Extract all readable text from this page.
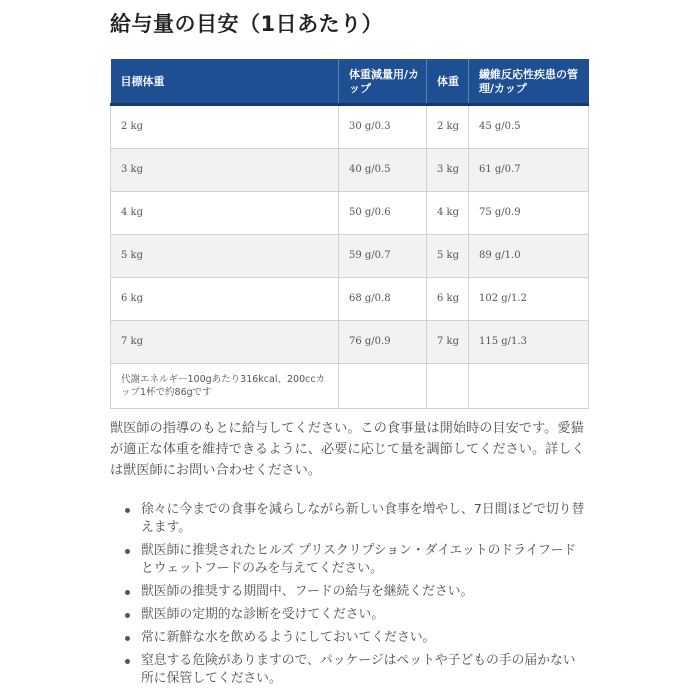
給与量の目安（1日あたり）
目標体重	体重減量用/カップ	体重	繊維反応性疾患の管理/カップ
2 kg	30 g/0.3	2 kg	45 g/0.5
3 kg	40 g/0.5	3 kg	61 g/0.7
4 kg	50 g/0.6	4 kg	75 g/0.9
5 kg	59 g/0.7	5 kg	89 g/1.0
6 kg	68 g/0.8	6 kg	102 g/1.2
7 kg	76 g/0.9	7 kg	115 g/1.3
代謝エネルギー100gあたり316kcal、200ccカップ1杯で約86gです			

獣医師の指導のもとに給与してください。この食事量は開始時の目安です。愛猫が適正な体重を維持できるように、必要に応じて量を調節してください。詳しくは獣医師にお問い合わせください。

徐々に今までの食事を減らしながら新しい食事を増やし、7日間ほどで切り替えます。
獣医師に推奨されたヒルズ プリスクリプション・ダイエットのドライフードとウェットフードのみを与えてください。
獣医師の推奨する期間中、フードの給与を継続ください。
獣医師の定期的な診断を受けてください。
常に新鮮な水を飲めるようにしておいてください。
窒息する危険がありますので、パッケージはペットや子どもの手の届かない所に保管してください。
